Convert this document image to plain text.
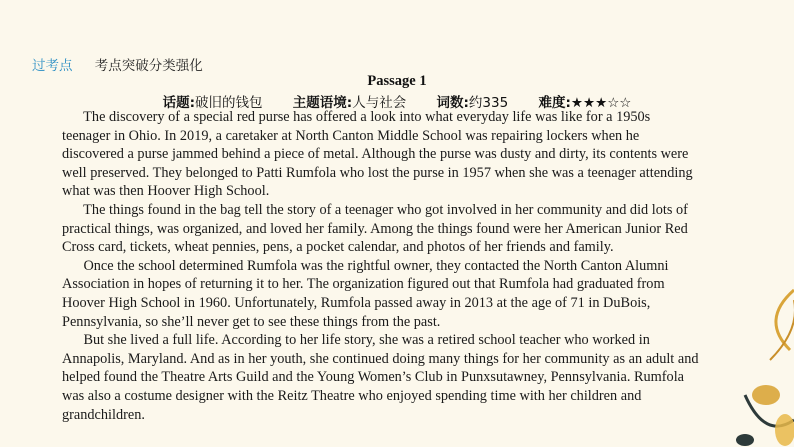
过考点 考点突破分类强化
Passage 1
话题:破旧的钱包 主题语境:人与社会 词数:约335 难度:★★★☆☆
The discovery of a special red purse has offered a look into what everyday life was like for a 1950s
teenager in Ohio. In 2019, a caretaker at North Canton Middle School was repairing lockers when he
discovered a purse jammed behind a piece of metal. Although the purse was dusty and dirty, its contents were
well preserved. They belonged to Patti Rumfola who lost the purse in 1957 when she was a teenager attending
what was then Hoover High School.
The things found in the bag tell the story of a teenager who got involved in her community and did lots of
practical things, was organized, and loved her family. Among the things found were her American Junior Red
Cross card, tickets, wheat pennies, pens, a pocket calendar, and photos of her friends and family.
Once the school determined Rumfola was the rightful owner, they contacted the North Canton Alumni
Association in hopes of returning it to her. The organization figured out that Rumfola had graduated from
Hoover High School in 1960. Unfortunately, Rumfola passed away in 2013 at the age of 71 in DuBois,
Pennsylvania, so she’ll never get to see these things from the past.
But she lived a full life. According to her life story, she was a retired school teacher who worked in
Annapolis, Maryland. And as in her youth, she continued doing many things for her community as an adult and
helped found the Theatre Arts Guild and the Young Women’s Club in Punxsutawney, Pennsylvania. Rumfola
was also a costume designer with the Reitz Theatre who enjoyed spending time with her children and
grandchildren.
